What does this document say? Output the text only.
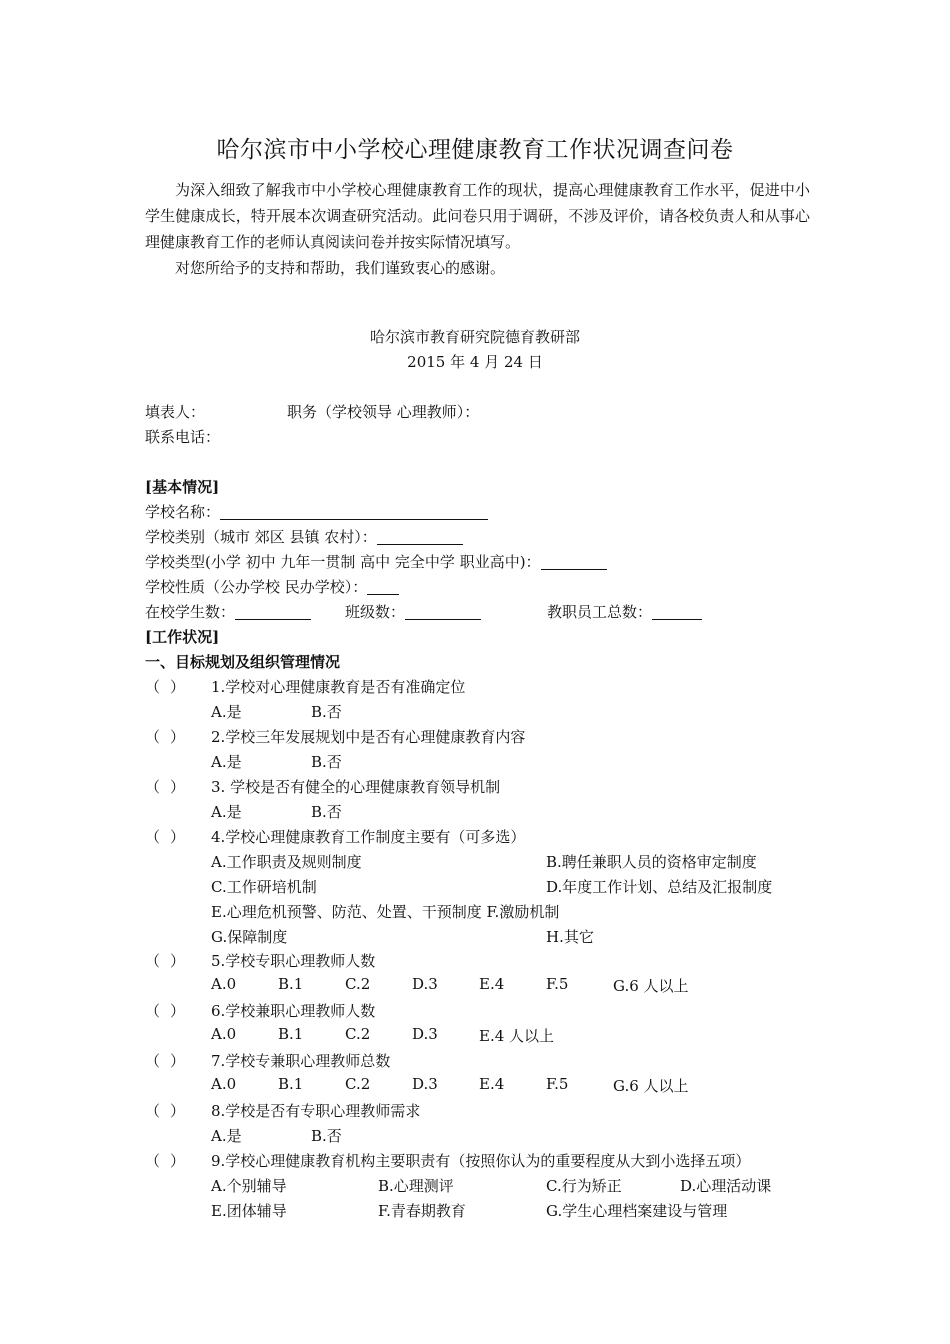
哈尔滨市中小学校心理健康教育工作状况调查问卷

为深入细致了解我市中小学校心理健康教育工作的现状，提高心理健康教育工作水平，促进中小学生健康成长，特开展本次调查研究活动。此问卷只用于调研，不涉及评价，请各校负责人和从事心理健康教育工作的老师认真阅读问卷并按实际情况填写。

对您所给予的支持和帮助，我们谨致衷心的感谢。

哈尔滨市教育研究院德育教研部
2015 年 4 月 24 日
填表人：	职务（学校领导 心理教师）：
联系电话：
[基本情况]
学校名称：
学校类别（城市 郊区 县镇 农村）：
学校类型(小学 初中 九年一贯制 高中 完全中学 职业高中)：
学校性质（公办学校 民办学校）：
在校学生数：	班级数：	教职员工总数：
[工作状况]
一、目标规划及组织管理情况
（ ） 1.学校对心理健康教育是否有准确定位
A.是	B.否
（ ） 2.学校三年发展规划中是否有心理健康教育内容
A.是	B.否
（ ） 3. 学校是否有健全的心理健康教育领导机制
A.是	B.否
（ ） 4.学校心理健康教育工作制度主要有（可多选）
A.工作职责及规则制度	B.聘任兼职人员的资格审定制度
C.工作研培机制	D.年度工作计划、总结及汇报制度
E.心理危机预警、防范、处置、干预制度 F.激励机制
G.保障制度	H.其它
（ ） 5.学校专职心理教师人数
A.0	B.1	C.2	D.3	E.4	F.5	G.6 人以上
（ ） 6.学校兼职心理教师人数
A.0	B.1	C.2	D.3	E.4 人以上
（ ） 7.学校专兼职心理教师总数
A.0	B.1	C.2	D.3	E.4	F.5	G.6 人以上
（ ） 8.学校是否有专职心理教师需求
A.是	B.否
（ ） 9.学校心理健康教育机构主要职责有（按照你认为的重要程度从大到小选择五项）
A.个别辅导	B.心理测评	C.行为矫正	D.心理活动课
E.团体辅导	F.青春期教育	G.学生心理档案建设与管理
